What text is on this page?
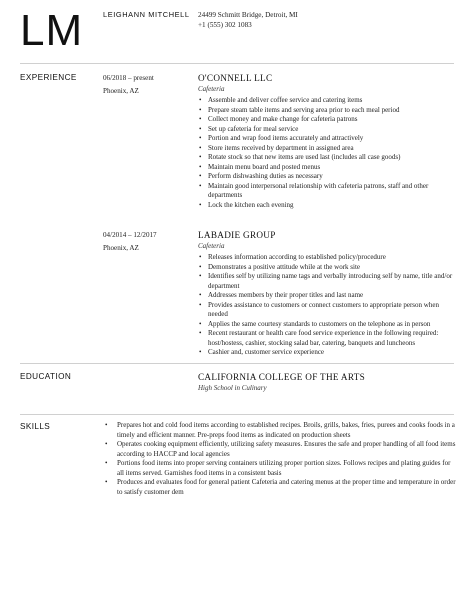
LM	LEIGHANN MITCHELL 24499 Schmitt Bridge, Detroit, MI
+1 (555) 302 1083
EXPERIENCE	06/2018 – present
Phoenix, AZ
O'CONNELL LLC
Cafeteria
• Assemble and deliver coffee service and catering items
• Prepare steam table items and serving area prior to each meal period
• Collect money and make change for cafeteria patrons
• Set up cafeteria for meal service
• Portion and wrap food items accurately and attractively
• Store items received by department in assigned area
• Rotate stock so that new items are used last (includes all case goods)
• Maintain menu board and posted menus
• Perform dishwashing duties as necessary
• Maintain good interpersonal relationship with cafeteria patrons, staff and other departments
• Lock the kitchen each evening
04/2014 – 12/2017
Phoenix, AZ
LABADIE GROUP
Cafeteria
• Releases information according to established policy/procedure
• Demonstrates a positive attitude while at the work site
• Identifies self by utilizing name tags and verbally introducing self by name, title and/or department
• Addresses members by their proper titles and last name
• Provides assistance to customers or connect customers to appropriate person when needed
• Applies the same courtesy standards to customers on the telephone as in person
• Recent restaurant or health care food service experience in the following required: host/hostess, cashier, stocking salad bar, catering, banquets and luncheons
• Cashier and, customer service experience
EDUCATION	CALIFORNIA COLLEGE OF THE ARTS
High School in Culinary
SKILLS
•	Prepares hot and cold food items according to established recipes. Broils, grills, bakes, fries, purees and cooks foods in a timely and efficient manner. Pre-preps food items as indicated on production sheets
• Operates cooking equipment efficiently, utilizing safety measures. Ensures the safe and proper handling of all food items according to HACCP and local agencies
• Portions food items into proper serving containers utilizing proper portion sizes. Follows recipes and plating guides for all items served. Garnishes food items in a consistent basis
• Produces and evaluates food for general patient Cafeteria and catering menus at the proper time and temperature in order to satisfy customer dem
